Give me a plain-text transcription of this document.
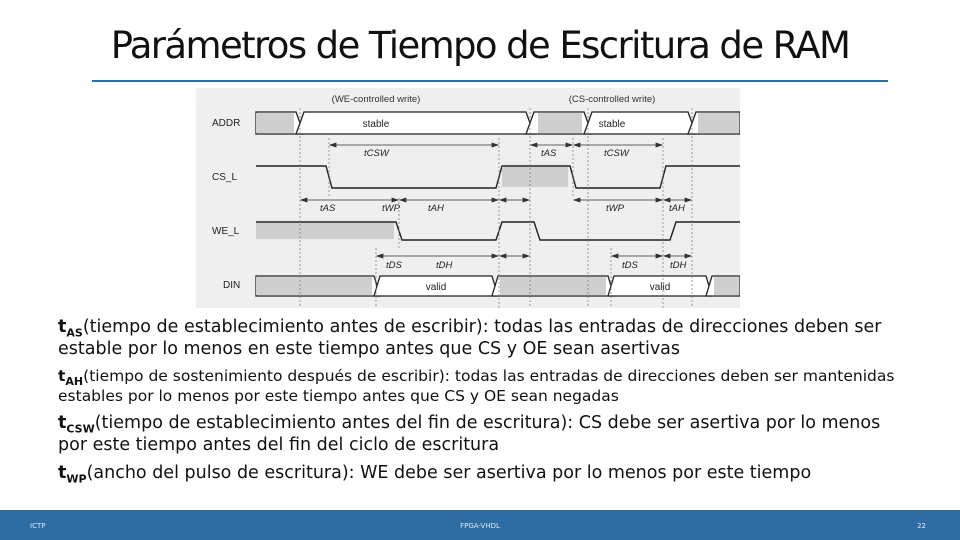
Parámetros de Tiempo de Escritura de RAM
(WE-controlled write)	(CS-controlled write)
ADDR
CS_L
WE_L
DIN
stable	stable
valid	valid
tCSW	tAS	tCSW
tAS	tWP	tAH	tWP	tAH
tDS	tDH	tDS	tDH
$t_{AS}(tiempo$ de establecimiento antes de escribir): todas las entradas de direcciones deben ser estable por lo menos en este tiempo antes que CS y OE sean asertivas
$t_{AH}(tiempo$ de sostenimiento después de escribir): todas las entradas de direcciones deben ser mantenidas estables por lo menos por este tiempo antes que CS y OE sean negadas
$t_{CSW}(tiempo$ de establecimiento antes del fin de escritura): CS debe ser asertiva por lo menos por este tiempo antes del fin del ciclo de escritura
$t_{WP}(ancho$ del pulso de escritura): WE debe ser asertiva por lo menos por este tiempo
ICTP	FPGA-VHDL	22
